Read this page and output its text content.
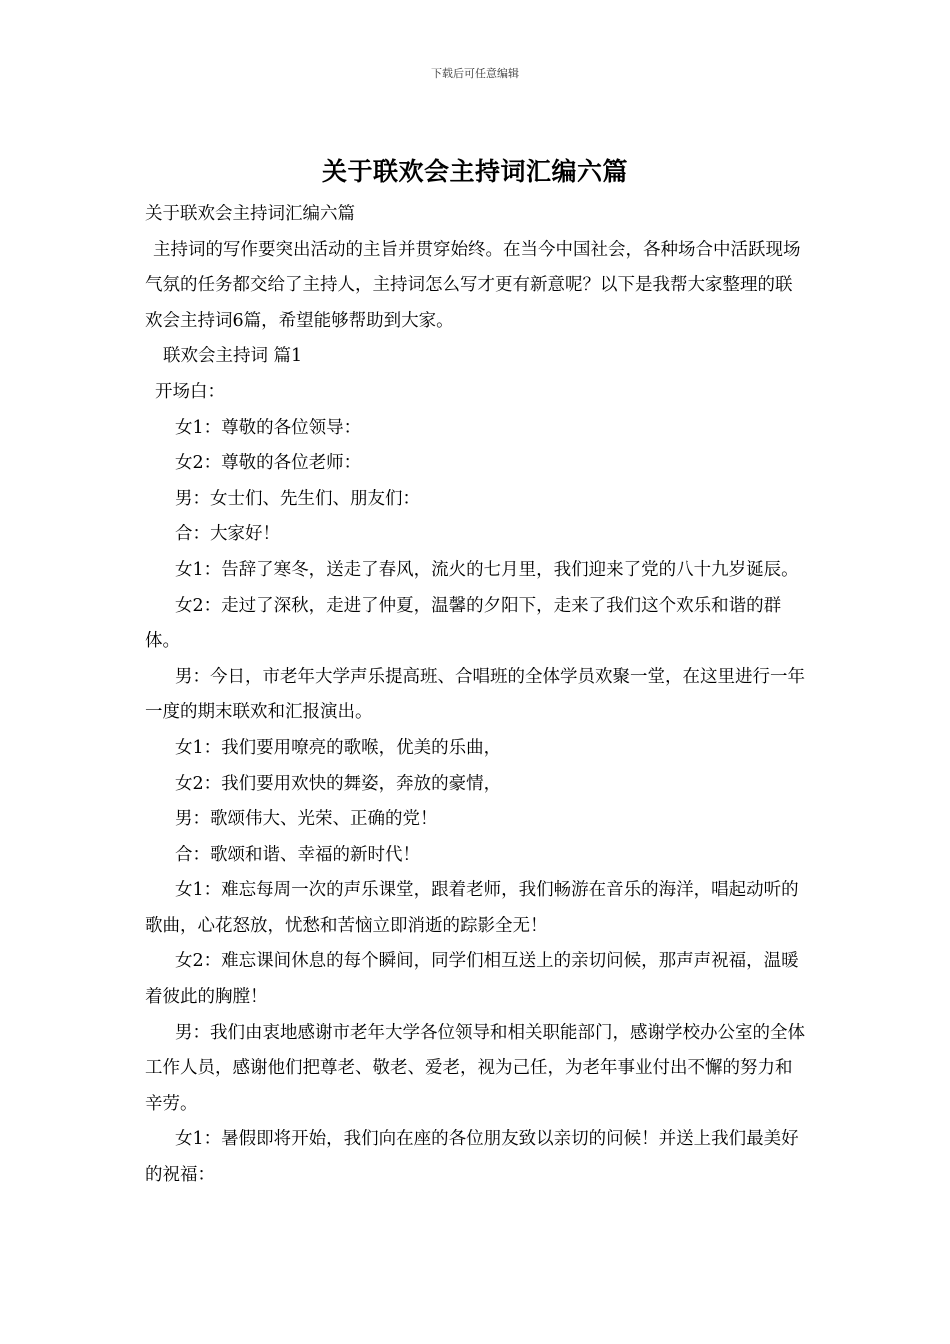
下载后可任意编辑
关于联欢会主持词汇编六篇

关于联欢会主持词汇编六篇

主持词的写作要突出活动的主旨并贯穿始终。在当今中国社会，各种场合中活跃现场气氛的任务都交给了主持人，主持词怎么写才更有新意呢？以下是我帮大家整理的联欢会主持词6篇，希望能够帮助到大家。

联欢会主持词 篇1

开场白：

女1：尊敬的各位领导：

女2：尊敬的各位老师：

男：女士们、先生们、朋友们：

合：大家好！

女1：告辞了寒冬，送走了春风，流火的七月里，我们迎来了党的八十九岁诞辰。

女2：走过了深秋，走进了仲夏，温馨的夕阳下，走来了我们这个欢乐和谐的群体。

男：今日，市老年大学声乐提高班、合唱班的全体学员欢聚一堂，在这里进行一年一度的期末联欢和汇报演出。

女1：我们要用嘹亮的歌喉，优美的乐曲，

女2：我们要用欢快的舞姿，奔放的豪情，

男：歌颂伟大、光荣、正确的党！

合：歌颂和谐、幸福的新时代！

女1：难忘每周一次的声乐课堂，跟着老师，我们畅游在音乐的海洋，唱起动听的歌曲，心花怒放，忧愁和苦恼立即消逝的踪影全无！

女2：难忘课间休息的每个瞬间，同学们相互送上的亲切问候，那声声祝福，温暖着彼此的胸膛！

男：我们由衷地感谢市老年大学各位领导和相关职能部门，感谢学校办公室的全体工作人员，感谢他们把尊老、敬老、爱老，视为己任，为老年事业付出不懈的努力和辛劳。

女1：暑假即将开始，我们向在座的各位朋友致以亲切的问候！并送上我们最美好的祝福：
